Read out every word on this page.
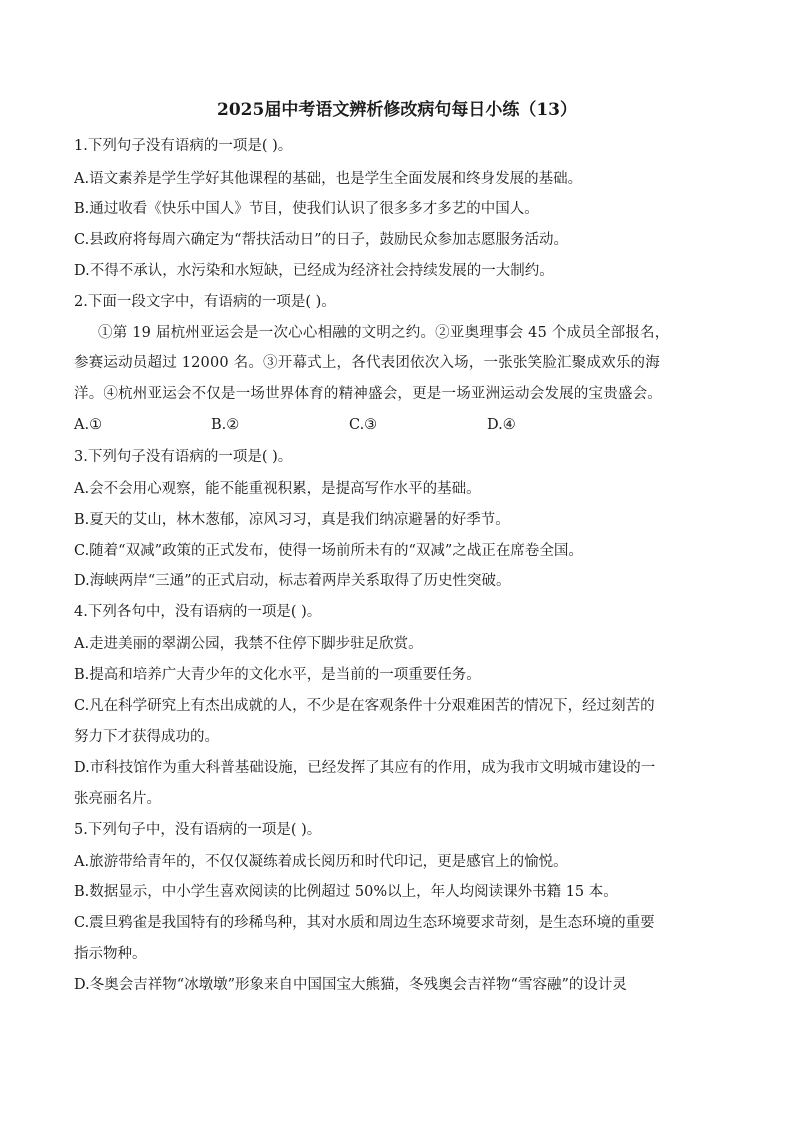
2025届中考语文辨析修改病句每日小练（13）
1.下列句子没有语病的一项是( )。
A.语文素养是学生学好其他课程的基础，也是学生全面发展和终身发展的基础。
B.通过收看《快乐中国人》节目，使我们认识了很多多才多艺的中国人。
C.县政府将每周六确定为“帮扶活动日”的日子，鼓励民众参加志愿服务活动。
D.不得不承认，水污染和水短缺，已经成为经济社会持续发展的一大制约。
2.下面一段文字中，有语病的一项是( )。
①第 19 届杭州亚运会是一次心心相融的文明之约。②亚奥理事会 45 个成员全部报名，
参赛运动员超过 12000 名。③开幕式上，各代表团依次入场，一张张笑脸汇聚成欢乐的海
洋。④杭州亚运会不仅是一场世界体育的精神盛会，更是一场亚洲运动会发展的宝贵盛会。
A.①	B.②	C.③	D.④
3.下列句子没有语病的一项是( )。
A.会不会用心观察，能不能重视积累，是提高写作水平的基础。
B.夏天的艾山，林木葱郁，凉风习习，真是我们纳凉避暑的好季节。
C.随着“双减”政策的正式发布，使得一场前所未有的“双减”之战正在席卷全国。
D.海峡两岸“三通”的正式启动，标志着两岸关系取得了历史性突破。
4.下列各句中，没有语病的一项是( )。
A.走进美丽的翠湖公园，我禁不住停下脚步驻足欣赏。
B.提高和培养广大青少年的文化水平，是当前的一项重要任务。
C.凡在科学研究上有杰出成就的人，不少是在客观条件十分艰难困苦的情况下，经过刻苦的
努力下才获得成功的。
D.市科技馆作为重大科普基础设施，已经发挥了其应有的作用，成为我市文明城市建设的一
张亮丽名片。
5.下列句子中，没有语病的一项是( )。
A.旅游带给青年的，不仅仅凝练着成长阅历和时代印记，更是感官上的愉悦。
B.数据显示，中小学生喜欢阅读的比例超过 50%以上，年人均阅读课外书籍 15 本。
C.震旦鸦雀是我国特有的珍稀鸟种，其对水质和周边生态环境要求苛刻，是生态环境的重要
指示物种。
D.冬奥会吉祥物“冰墩墩”形象来自中国国宝大熊猫，冬残奥会吉祥物“雪容融”的设计灵
